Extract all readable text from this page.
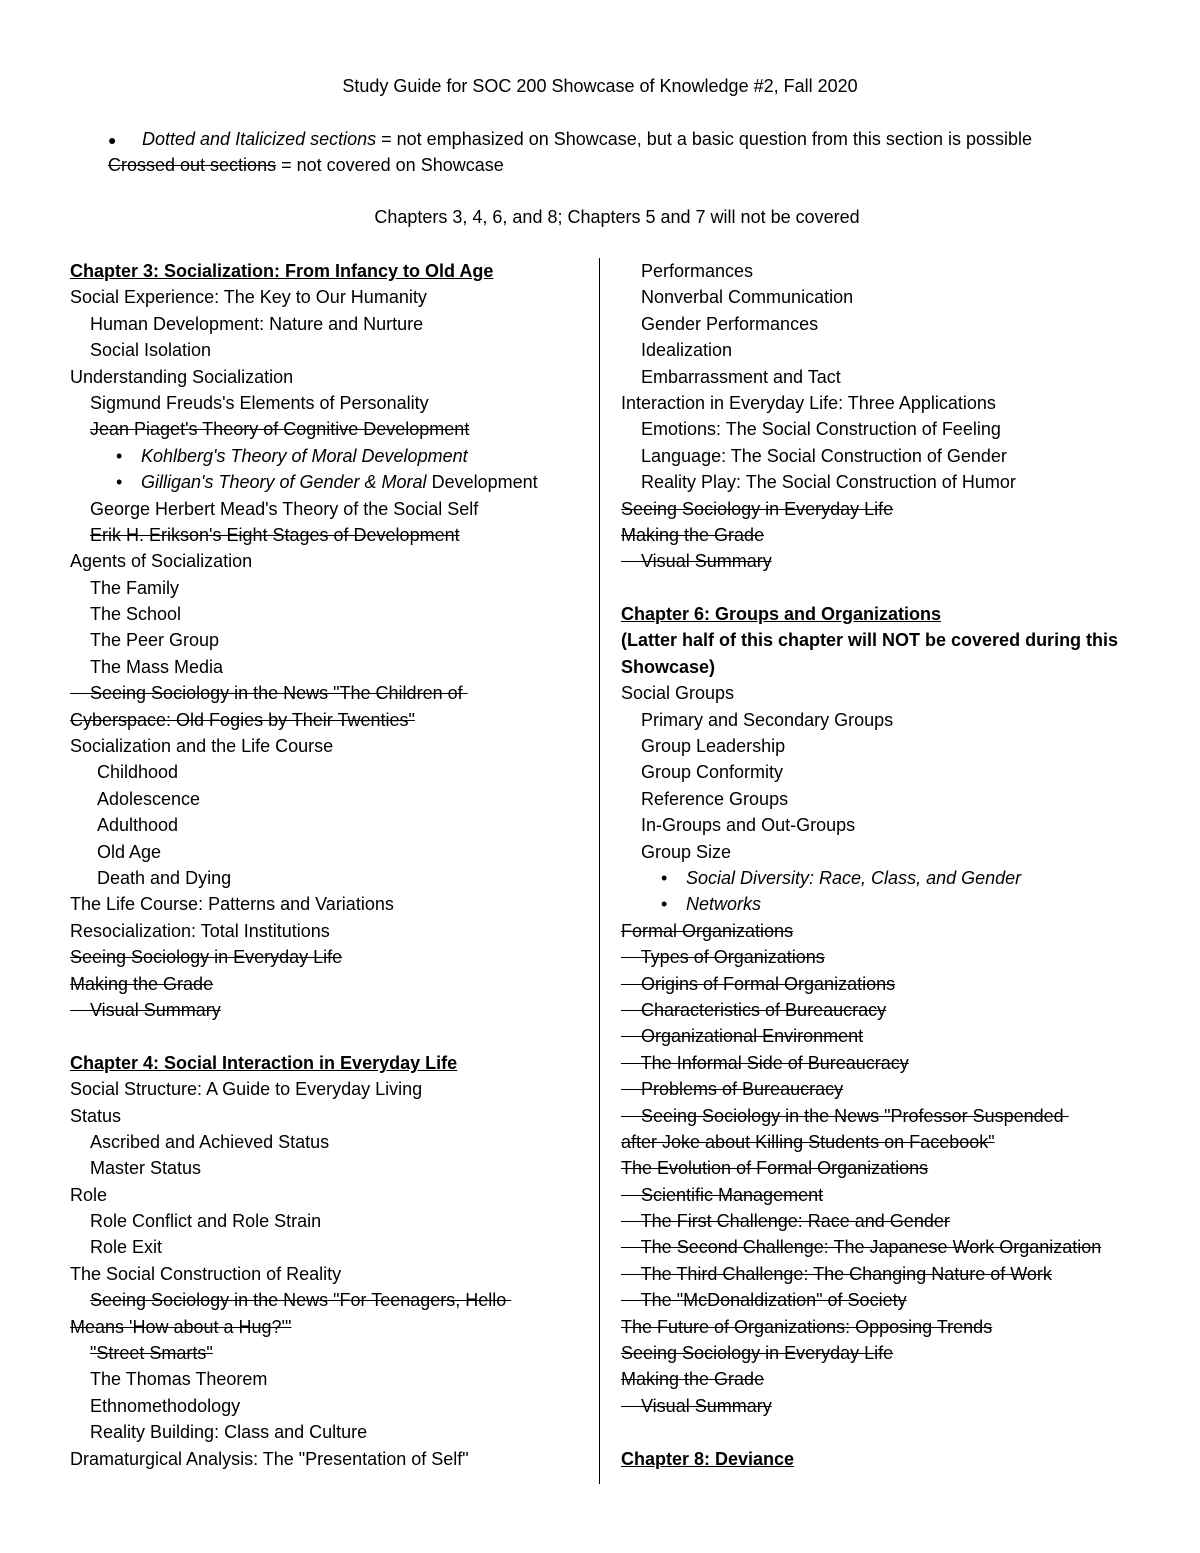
Study Guide for SOC 200 Showcase of Knowledge #2, Fall 2020
● Dotted and Italicized sections = not emphasized on Showcase, but a basic question from this section is possible
Crossed out sections = not covered on Showcase
Chapters 3, 4, 6, and 8; Chapters 5 and 7 will not be covered
Chapter 3: Socialization: From Infancy to Old Age
Social Experience: The Key to Our Humanity
Human Development: Nature and Nurture
Social Isolation
Understanding Socialization
Sigmund Freuds's Elements of Personality
Jean Piaget's Theory of Cognitive Development
• Kohlberg's Theory of Moral Development
• Gilligan's Theory of Gender & Moral Development
George Herbert Mead's Theory of the Social Self
Erik H. Erikson's Eight Stages of Development
Agents of Socialization
The Family
The School
The Peer Group
The Mass Media
Seeing Sociology in the News "The Children of
Cyberspace: Old Fogies by Their Twenties"
Socialization and the Life Course
Childhood
Adolescence
Adulthood
Old Age
Death and Dying
The Life Course: Patterns and Variations
Resocialization: Total Institutions
Seeing Sociology in Everyday Life
Making the Grade
Visual Summary
Chapter 4: Social Interaction in Everyday Life
Social Structure: A Guide to Everyday Living
Status
Ascribed and Achieved Status
Master Status
Role
Role Conflict and Role Strain
Role Exit
The Social Construction of Reality
Seeing Sociology in the News "For Teenagers, Hello
Means 'How about a Hug?'"
"Street Smarts"
The Thomas Theorem
Ethnomethodology
Reality Building: Class and Culture
Dramaturgical Analysis: The "Presentation of Self"
Performances
Nonverbal Communication
Gender Performances
Idealization
Embarrassment and Tact
Interaction in Everyday Life: Three Applications
Emotions: The Social Construction of Feeling
Language: The Social Construction of Gender
Reality Play: The Social Construction of Humor
Seeing Sociology in Everyday Life
Making the Grade
Visual Summary
Chapter 6: Groups and Organizations
(Latter half of this chapter will NOT be covered during this Showcase)
Social Groups
Primary and Secondary Groups
Group Leadership
Group Conformity
Reference Groups
In-Groups and Out-Groups
Group Size
• Social Diversity: Race, Class, and Gender
• Networks
Formal Organizations
Types of Organizations
Origins of Formal Organizations
Characteristics of Bureaucracy
Organizational Environment
The Informal Side of Bureaucracy
Problems of Bureaucracy
Seeing Sociology in the News "Professor Suspended
after Joke about Killing Students on Facebook"
The Evolution of Formal Organizations
Scientific Management
The First Challenge: Race and Gender
The Second Challenge: The Japanese Work Organization
The Third Challenge: The Changing Nature of Work
The "McDonaldization" of Society
The Future of Organizations: Opposing Trends
Seeing Sociology in Everyday Life
Making the Grade
Visual Summary
Chapter 8: Deviance
